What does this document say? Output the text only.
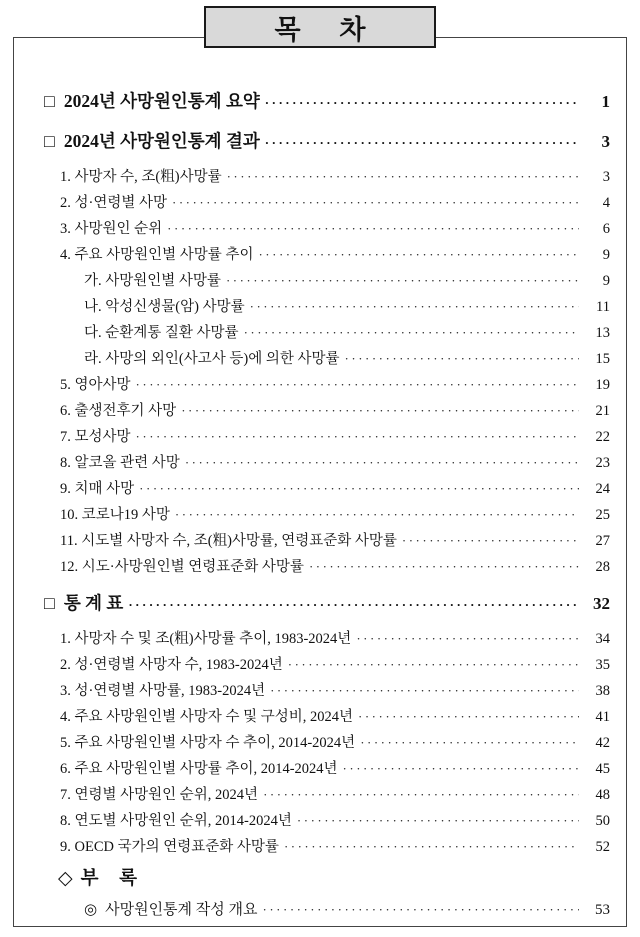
목 차
□ 2024년 사망원인통계 요약 ·····	1
□ 2024년 사망원인통계 결과 ·····	3
1. 사망자 수, 조(粗)사망률 ·····	3
2. 성·연령별 사망 ·····	4
3. 사망원인 순위 ·····	6
4. 주요 사망원인별 사망률 추이 ·····	9
가. 사망원인별 사망률 ·····	9
나. 악성신생물(암) 사망률 ·····	11
다. 순환계통 질환 사망률 ·····	13
라. 사망의 외인(사고사 등)에 의한 사망률 ·····	15
5. 영아사망 ·····	19
6. 출생전후기 사망 ·····	21
7. 모성사망 ·····	22
8. 알코올 관련 사망 ·····	23
9. 치매 사망 ·····	24
10. 코로나19 사망 ·····	25
11. 시도별 사망자 수, 조(粗)사망률, 연령표준화 사망률 ·····	27
12. 시도·사망원인별 연령표준화 사망률 ·····	28
□ 통 계 표 ·····	32
1. 사망자 수 및 조(粗)사망률 추이, 1983-2024년 ·····	34
2. 성·연령별 사망자 수, 1983-2024년 ·····	35
3. 성·연령별 사망률, 1983-2024년 ·····	38
4. 주요 사망원인별 사망자 수 및 구성비, 2024년 ·····	41
5. 주요 사망원인별 사망자 수 추이, 2014-2024년 ·····	42
6. 주요 사망원인별 사망률 추이, 2014-2024년 ·····	45
7. 연령별 사망원인 순위, 2024년 ·····	48
8. 연도별 사망원인 순위, 2014-2024년 ·····	50
9. OECD 국가의 연령표준화 사망률 ·····	52
◇ 부 록
◎ 사망원인통계 작성 개요 ·····	53
